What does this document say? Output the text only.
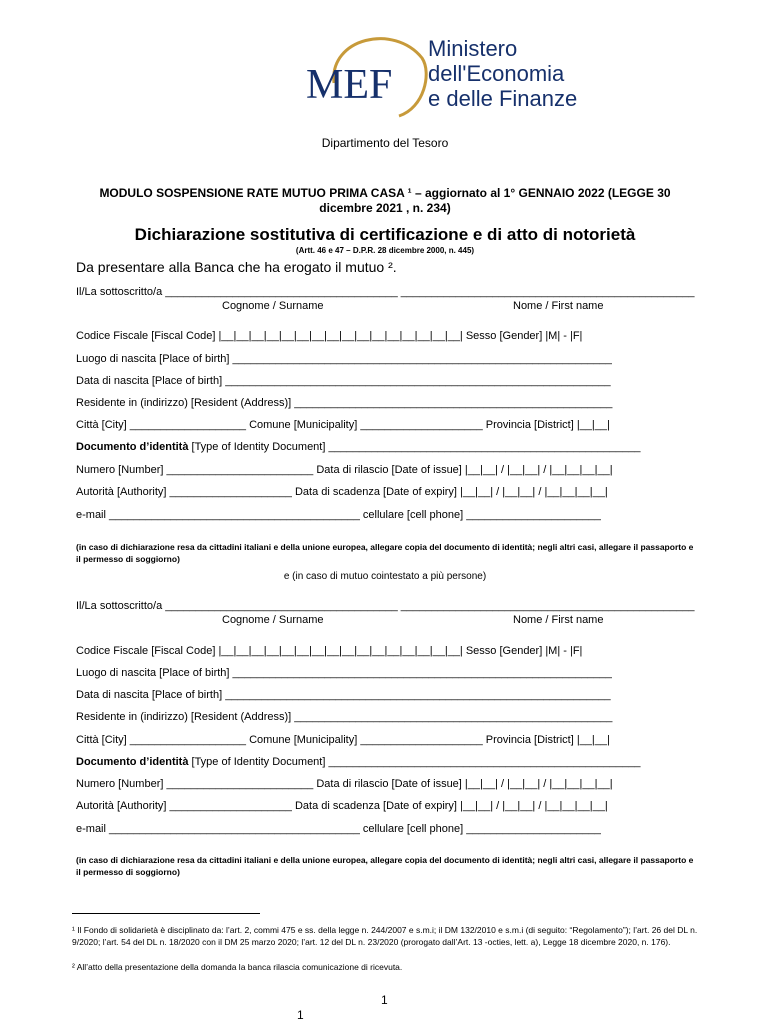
MEF
Ministero
dell'Economia
e delle Finanze
Dipartimento del Tesoro
MODULO SOSPENSIONE RATE MUTUO PRIMA CASA ¹ – aggiornato al 1° GENNAIO 2022 (LEGGE 30 dicembre 2021 , n. 234)
Dichiarazione sostitutiva di certificazione e di atto di notorietà
(Artt. 46 e 47 – D.P.R. 28 dicembre 2000, n. 445)
Da presentare alla Banca che ha erogato il mutuo ².
Il/La sottoscritto/a ______________________________________ ________________________________________________
Cognome / Surname	Nome / First name
Codice Fiscale [Fiscal Code] |__|__|__|__|__|__|__|__|__|__|__|__|__|__|__|__| Sesso [Gender] |M| - |F|
Luogo di nascita [Place of birth] ______________________________________________________________
Data di nascita [Place of birth] _______________________________________________________________
Residente in (indirizzo) [Resident (Address)] ____________________________________________________
Città [City] ___________________ Comune [Municipality] ____________________ Provincia [District] |__|__|
Documento d’identità [Type of Identity Document] ___________________________________________________
Numero [Number] ________________________ Data di rilascio [Date of issue] |__|__| / |__|__| / |__|__|__|__|
Autorità [Authority] ____________________ Data di scadenza [Date of expiry] |__|__| / |__|__| / |__|__|__|__|
e-mail _________________________________________ cellulare [cell phone] ______________________
(in caso di dichiarazione resa da cittadini italiani e della unione europea, allegare copia del documento di identità; negli altri casi, allegare il passaporto e il permesso di soggiorno)
e (in caso di mutuo cointestato a più persone)
Il/La sottoscritto/a ______________________________________ ________________________________________________
Cognome / Surname	Nome / First name
Codice Fiscale [Fiscal Code] |__|__|__|__|__|__|__|__|__|__|__|__|__|__|__|__| Sesso [Gender] |M| - |F|
Luogo di nascita [Place of birth] ______________________________________________________________
Data di nascita [Place of birth] _______________________________________________________________
Residente in (indirizzo) [Resident (Address)] ____________________________________________________
Città [City] ___________________ Comune [Municipality] ____________________ Provincia [District] |__|__|
Documento d’identità [Type of Identity Document] ___________________________________________________
Numero [Number] ________________________ Data di rilascio [Date of issue] |__|__| / |__|__| / |__|__|__|__|
Autorità [Authority] ____________________ Data di scadenza [Date of expiry] |__|__| / |__|__| / |__|__|__|__|
e-mail _________________________________________ cellulare [cell phone] ______________________
(in caso di dichiarazione resa da cittadini italiani e della unione europea, allegare copia del documento di identità; negli altri casi, allegare il passaporto e il permesso di soggiorno)
¹ Il Fondo di solidarietà è disciplinato da: l’art. 2, commi 475 e ss. della legge n. 244/2007 e s.m.i; il DM 132/2010 e s.m.i (di seguito: “Regolamento”); l’art. 26 del DL n. 9/2020; l’art. 54 del DL n. 18/2020 con il DM 25 marzo 2020; l’art. 12 del DL n. 23/2020 (prorogato dall’Art. 13 -octies, lett. a), Legge 18 dicembre 2020, n. 176).
² All’atto della presentazione della domanda la banca rilascia comunicazione di ricevuta.
1
1
